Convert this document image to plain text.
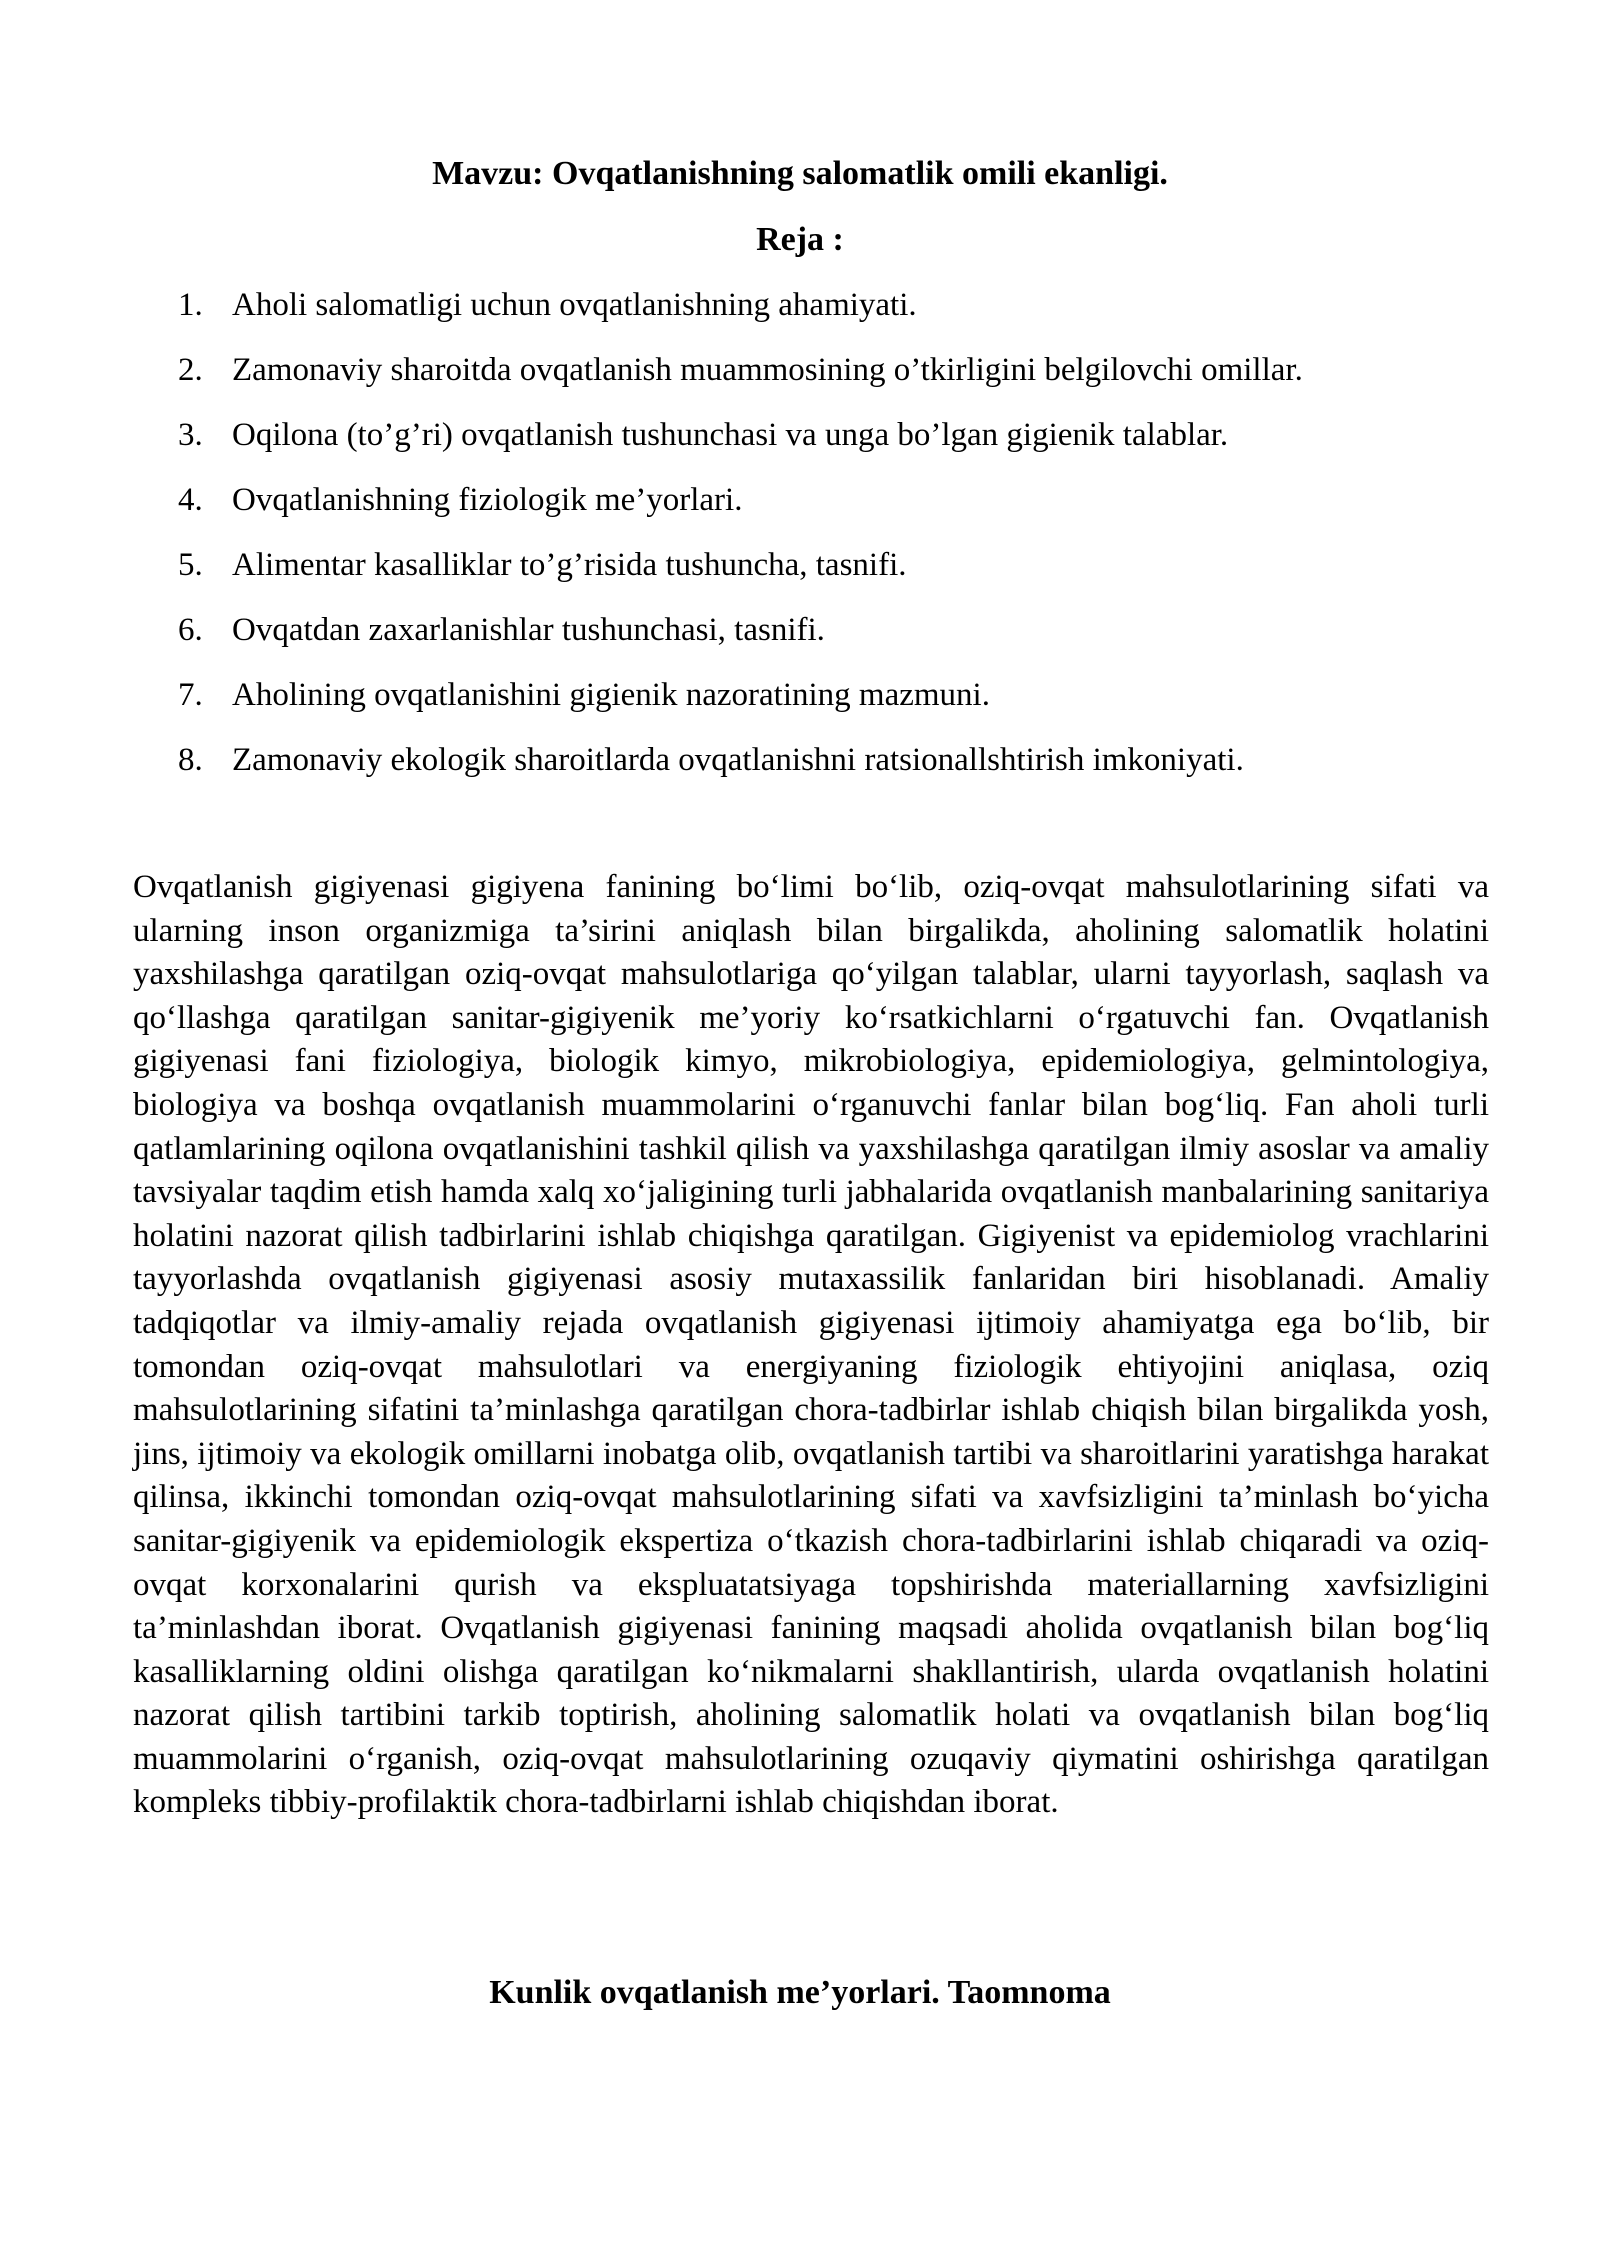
Mavzu: Ovqatlanishning salomatlik omili ekanligi.
Reja :
1. Aholi salomatligi uchun ovqatlanishning ahamiyati.
2. Zamonaviy sharoitda ovqatlanish muammosining o’tkirligini belgilovchi omillar.
3. Oqilona (to’g’ri) ovqatlanish tushunchasi va unga bo’lgan gigienik talablar.
4. Ovqatlanishning fiziologik me’yorlari.
5. Alimentar kasalliklar to’g’risida tushuncha, tasnifi.
6. Ovqatdan zaxarlanishlar tushunchasi, tasnifi.
7. Aholining ovqatlanishini gigienik nazoratining mazmuni.
8. Zamonaviy ekologik sharoitlarda ovqatlanishni ratsionallshtirish imkoniyati.

Ovqatlanish gigiyenasi gigiyena fanining bo‘limi bo‘lib, oziq-ovqat mahsulotlarining sifati va ularning inson organizmiga ta’sirini aniqlash bilan birgalikda, aholining salomatlik holatini yaxshilashga qaratilgan oziq-ovqat mahsulotlariga qo‘yilgan talablar, ularni tayyorlash, saqlash va qo‘llashga qaratilgan sanitar-gigiyenik me’yoriy ko‘rsatkichlarni o‘rgatuvchi fan. Ovqatlanish gigiyenasi fani fiziologiya, biologik kimyo, mikrobiologiya, epidemiologiya, gelmintologiya, biologiya va boshqa ovqatlanish muammolarini o‘rganuvchi fanlar bilan bog‘liq. Fan aholi turli qatlamlarining oqilona ovqatlanishini tashkil qilish va yaxshilashga qaratilgan ilmiy asoslar va amaliy tavsiyalar taqdim etish hamda xalq xo‘jaligining turli jabhalarida ovqatlanish manbalarining sanitariya holatini nazorat qilish tadbirlarini ishlab chiqishga qaratilgan. Gigiyenist va epidemiolog vrachlarini tayyorlashda ovqatlanish gigiyenasi asosiy mutaxassilik fanlaridan biri hisoblanadi. Amaliy tadqiqotlar va ilmiy-amaliy rejada ovqatlanish gigiyenasi ijtimoiy ahamiyatga ega bo‘lib, bir tomondan oziq-ovqat mahsulotlari va energiyaning fiziologik ehtiyojini aniqlasa, oziq mahsulotlarining sifatini ta’minlashga qaratilgan chora-tadbirlar ishlab chiqish bilan birgalikda yosh, jins, ijtimoiy va ekologik omillarni inobatga olib, ovqatlanish tartibi va sharoitlarini yaratishga harakat qilinsa, ikkinchi tomondan oziq-ovqat mahsulotlarining sifati va xavfsizligini ta’minlash bo‘yicha sanitar-gigiyenik va epidemiologik ekspertiza o‘tkazish chora-tadbirlarini ishlab chiqaradi va oziq-ovqat korxonalarini qurish va ekspluatatsiyaga topshirishda materiallarning xavfsizligini ta’minlashdan iborat. Ovqatlanish gigiyenasi fanining maqsadi aholida ovqatlanish bilan bog‘liq kasalliklarning oldini olishga qaratilgan ko‘nikmalarni shakllantirish, ularda ovqatlanish holatini nazorat qilish tartibini tarkib toptirish, aholining salomatlik holati va ovqatlanish bilan bog‘liq muammolarini o‘rganish, oziq-ovqat mahsulotlarining ozuqaviy qiymatini oshirishga qaratilgan kompleks tibbiy-profilaktik chora-tadbirlarni ishlab chiqishdan iborat.

Kunlik ovqatlanish me’yorlari. Taomnoma
